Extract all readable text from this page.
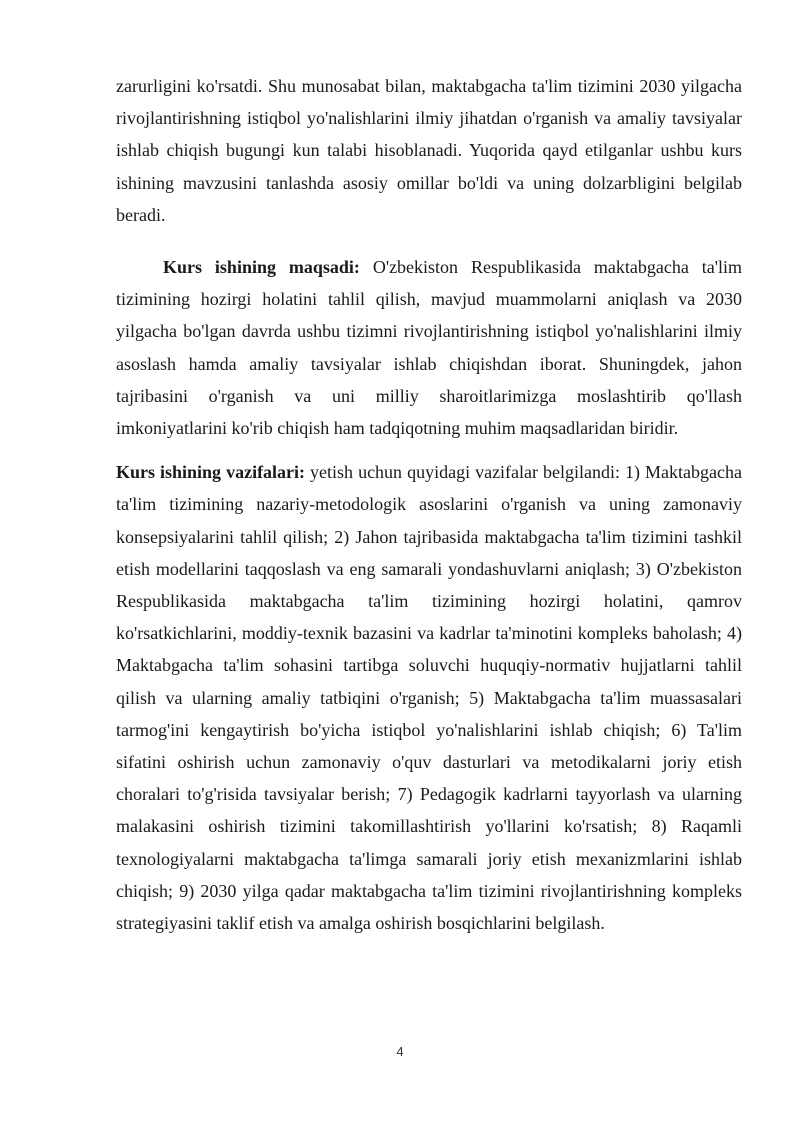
zarurligini ko'rsatdi. Shu munosabat bilan, maktabgacha ta'lim tizimini 2030 yilgacha rivojlantirishning istiqbol yo'nalishlarini ilmiy jihatdan o'rganish va amaliy tavsiyalar ishlab chiqish bugungi kun talabi hisoblanadi. Yuqorida qayd etilganlar ushbu kurs ishining mavzusini tanlashda asosiy omillar bo'ldi va uning dolzarbligini belgilab beradi.

Kurs ishining maqsadi: O'zbekiston Respublikasida maktabgacha ta'lim tizimining hozirgi holatini tahlil qilish, mavjud muammolarni aniqlash va 2030 yilgacha bo'lgan davrda ushbu tizimni rivojlantirishning istiqbol yo'nalishlarini ilmiy asoslash hamda amaliy tavsiyalar ishlab chiqishdan iborat. Shuningdek, jahon tajribasini o'rganish va uni milliy sharoitlarimizga moslashtirib qo'llash imkoniyatlarini ko'rib chiqish ham tadqiqotning muhim maqsadlaridan biridir.

Kurs ishining vazifalari: yetish uchun quyidagi vazifalar belgilandi: 1) Maktabgacha ta'lim tizimining nazariy-metodologik asoslarini o'rganish va uning zamonaviy konsepsiyalarini tahlil qilish; 2) Jahon tajribasida maktabgacha ta'lim tizimini tashkil etish modellarini taqqoslash va eng samarali yondashuvlarni aniqlash; 3) O'zbekiston Respublikasida maktabgacha ta'lim tizimining hozirgi holatini, qamrov ko'rsatkichlarini, moddiy-texnik bazasini va kadrlar ta'minotini kompleks baholash; 4) Maktabgacha ta'lim sohasini tartibga soluvchi huquqiy-normativ hujjatlarni tahlil qilish va ularning amaliy tatbiqini o'rganish; 5) Maktabgacha ta'lim muassasalari tarmog'ini kengaytirish bo'yicha istiqbol yo'nalishlarini ishlab chiqish; 6) Ta'lim sifatini oshirish uchun zamonaviy o'quv dasturlari va metodikalarni joriy etish choralari to'g'risida tavsiyalar berish; 7) Pedagogik kadrlarni tayyorlash va ularning malakasini oshirish tizimini takomillashtirish yo'llarini ko'rsatish; 8) Raqamli texnologiyalarni maktabgacha ta'limga samarali joriy etish mexanizmlarini ishlab chiqish; 9) 2030 yilga qadar maktabgacha ta'lim tizimini rivojlantirishning kompleks strategiyasini taklif etish va amalga oshirish bosqichlarini belgilash.

4
